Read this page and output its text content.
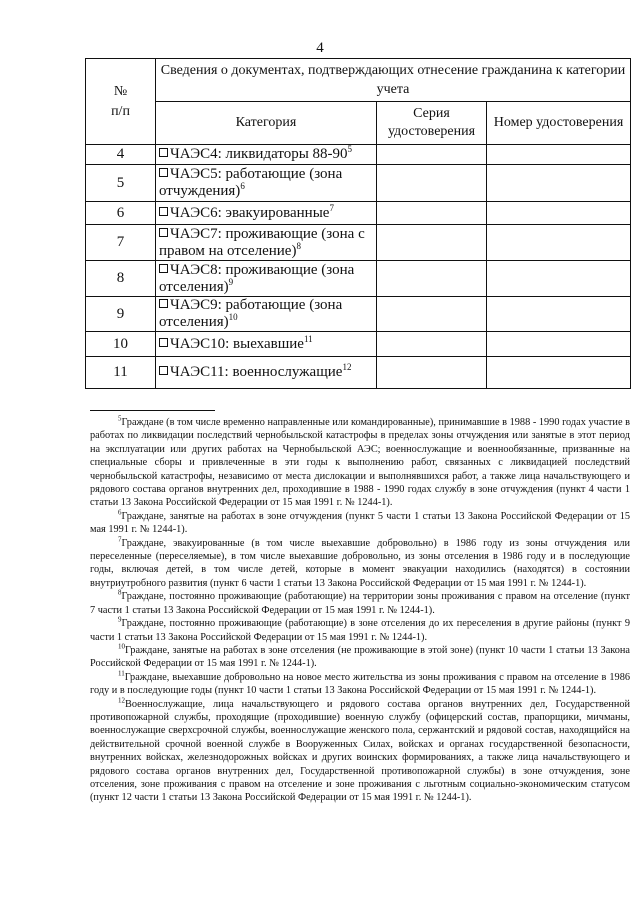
4
№
п/п	Сведения о документах, подтверждающих отнесение гражданина к категории учета		
	Категория	Серия удостоверения	Номер удостоверения
4	ЧАЭС4: ликвидаторы $88-90^5$		
5	ЧАЭС5: работающие (зона отчуждения)$^6$		
6	ЧАЭС6: эвакуированные$^7$		
7	ЧАЭС7: проживающие (зона с правом на отселение)$^8$		
8	ЧАЭС8: проживающие (зона отселения)$^9$		
9	ЧАЭС9: работающие (зона отселения)$^{10}$		
10	ЧАЭС10: выехавшие$^{11}$		
11	ЧАЭС11: военнослужащие$^{12}$		

$^5$Граждане (в том числе временно направленные или командированные), принимавшие в 1988 - 1990 годах участие в работах по ликвидации последствий чернобыльской катастрофы в пределах зоны отчуждения или занятые в этот период на эксплуатации или других работах на Чернобыльской АЭС; военнослужащие и военнообязанные, призванные на специальные сборы и привлеченные в эти годы к выполнению работ, связанных с ликвидацией последствий чернобыльской катастрофы, независимо от места дислокации и выполнявшихся работ, а также лица начальствующего и рядового состава органов внутренних дел, проходившие в 1988 - 1990 годах службу в зоне отчуждения (пункт 4 части 1 статьи 13 Закона Российской Федерации от 15 мая 1991 г. № 1244-1).

$^6$Граждане, занятые на работах в зоне отчуждения (пункт 5 части 1 статьи 13 Закона Российской Федерации от 15 мая 1991 г. № 1244-1).

$^7$Граждане, эвакуированные (в том числе выехавшие добровольно) в 1986 году из зоны отчуждения или переселенные (переселяемые), в том числе выехавшие добровольно, из зоны отселения в 1986 году и в последующие годы, включая детей, в том числе детей, которые в момент эвакуации находились (находятся) в состоянии внутриутробного развития (пункт 6 части 1 статьи 13 Закона Российской Федерации от 15 мая 1991 г. № 1244-1).

$^8$Граждане, постоянно проживающие (работающие) на территории зоны проживания с правом на отселение (пункт 7 части 1 статьи 13 Закона Российской Федерации от 15 мая 1991 г. № 1244-1).

$^9$Граждане, постоянно проживающие (работающие) в зоне отселения до их переселения в другие районы (пункт 9 части 1 статьи 13 Закона Российской Федерации от 15 мая 1991 г. № 1244-1).

$^{10}$Граждане, занятые на работах в зоне отселения (не проживающие в этой зоне) (пункт 10 части 1 статьи 13 Закона Российской Федерации от 15 мая 1991 г. № 1244-1).

$^{11}$Граждане, выехавшие добровольно на новое место жительства из зоны проживания с правом на отселение в 1986 году и в последующие годы (пункт 10 части 1 статьи 13 Закона Российской Федерации от 15 мая 1991 г. № 1244-1).

$^{12}$Военнослужащие, лица начальствующего и рядового состава органов внутренних дел, Государственной противопожарной службы, проходящие (проходившие) военную службу (офицерский состав, прапорщики, мичманы, военнослужащие сверхсрочной службы, военнослужащие женского пола, сержантский и рядовой состав, находящийся на действительной срочной военной службе в Вооруженных Силах, войсках и органах государственной безопасности, внутренних войсках, железнодорожных войсках и других воинских формированиях, а также лица начальствующего и рядового состава органов внутренних дел, Государственной противопожарной службы) в зоне отчуждения, зоне отселения, зоне проживания с правом на отселение и зоне проживания с льготным социально-экономическим статусом (пункт 12 части 1 статьи 13 Закона Российской Федерации от 15 мая 1991 г. № 1244-1).
